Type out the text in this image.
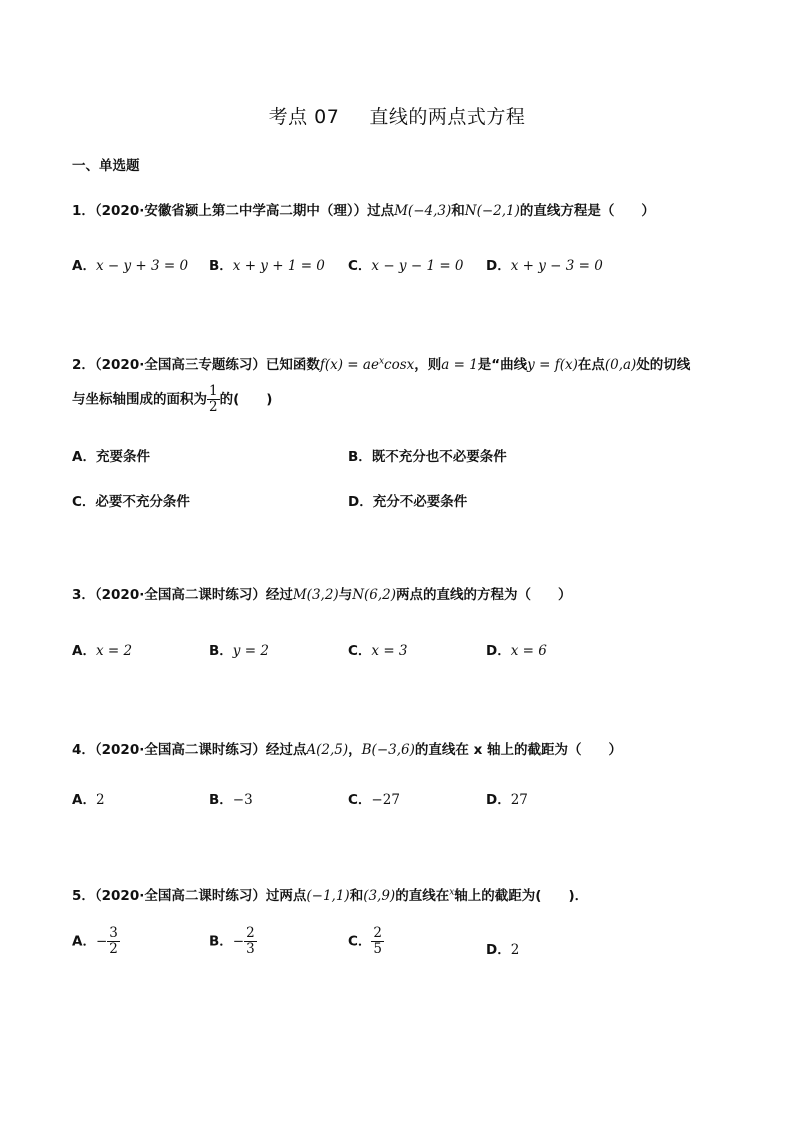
考点 07 直线的两点式方程
一、单选题
1．（2020·安徽省颍上第二中学高二期中（理））过点M(−4,3)和N(−2,1)的直线方程是（　　）
A．x − y + 3 = 0 B．x + y + 1 = 0 C．x − y − 1 = 0 D．x + y − 3 = 0
2．（2020·全国高三专题练习）已知函数$f(x) = ae^x\cos x$，则a = 1是“曲线y = f(x)在点(0,a)处的切线
与坐标轴围成的面积为 $\frac{1}{2}$ 的(　　)
A．充要条件	B．既不充分也不必要条件
C．必要不充分条件	D．充分不必要条件
3．（2020·全国高二课时练习）经过M(3,2)与N(6,2)两点的直线的方程为（　　）
A．x = 2	B．y = 2	C．x = 3	D．x = 6
4．（2020·全国高二课时练习）经过点A(2,5)，B(−3,6)的直线在 x 轴上的截距为（　　）
A．2	B．−3	C．−27	D．27
5．（2020·全国高二课时练习）过两点(−1,1)和(3,9)的直线在$^x$轴上的截距为(　　)．
A．− $\frac{3}{2}$	B．− $\frac{2}{3}$	C． $\frac{2}{5}$	D．2
